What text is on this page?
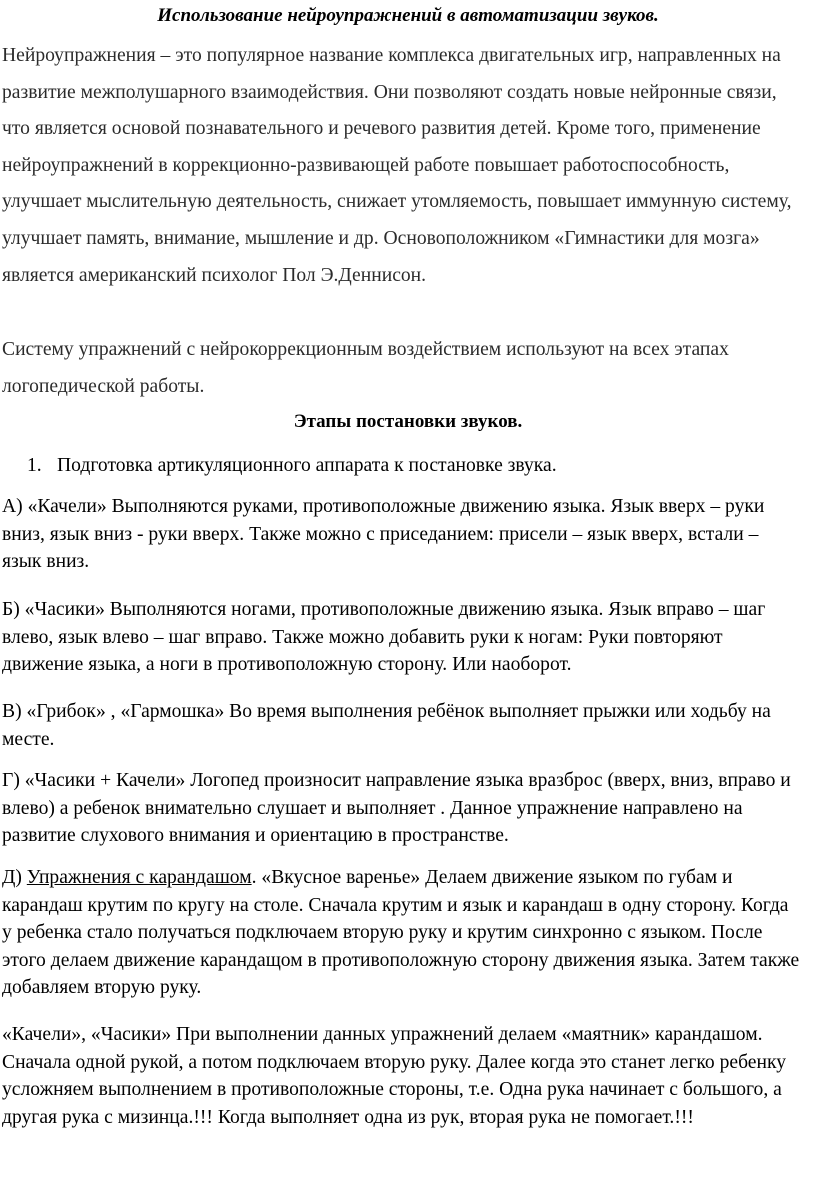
Использование нейроупражнений в автоматизации звуков.

Нейроупражнения – это популярное название комплекса двигательных игр, направленных на развитие межполушарного взаимодействия. Они позволяют создать новые нейронные связи, что является основой познавательного и речевого развития детей. Кроме того, применение нейроупражнений в коррекционно-развивающей работе повышает работоспособность, улучшает мыслительную деятельность, снижает утомляемость, повышает иммунную систему, улучшает память, внимание, мышление и др. Основоположником «Гимнастики для мозга» является американский психолог Пол Э.Деннисон.

Систему упражнений с нейрокоррекционным воздействием используют на всех этапах логопедической работы.

Этапы постановки звуков.

1. Подготовка артикуляционного аппарата к постановке звука.

А) «Качели» Выполняются руками, противоположные движению языка. Язык вверх – руки вниз, язык вниз - руки вверх. Также можно с приседанием: присели – язык вверх, встали – язык вниз.

Б) «Часики» Выполняются ногами, противоположные движению языка. Язык вправо – шаг влево, язык влево – шаг вправо. Также можно добавить руки к ногам: Руки повторяют движение языка, а ноги в противоположную сторону. Или наоборот.

В) «Грибок» , «Гармошка» Во время выполнения ребёнок выполняет прыжки или ходьбу на месте.

Г) «Часики + Качели» Логопед произносит направление языка вразброс (вверх, вниз, вправо и влево) а ребенок внимательно слушает и выполняет . Данное упражнение направлено на развитие слухового внимания и ориентацию в пространстве.

Д) Упражнения с карандашом. «Вкусное варенье» Делаем движение языком по губам и карандаш крутим по кругу на столе. Сначала крутим и язык и карандаш в одну сторону. Когда у ребенка стало получаться подключаем вторую руку и крутим синхронно с языком. После этого делаем движение карандащом в противоположную сторону движения языка. Затем также добавляем вторую руку.

«Качели», «Часики» При выполнении данных упражнений делаем «маятник» карандашом. Сначала одной рукой, а потом подключаем вторую руку. Далее когда это станет легко ребенку усложняем выполнением в противоположные стороны, т.е. Одна рука начинает с большого, а другая рука с мизинца.!!! Когда выполняет одна из рук, вторая рука не помогает.!!!
